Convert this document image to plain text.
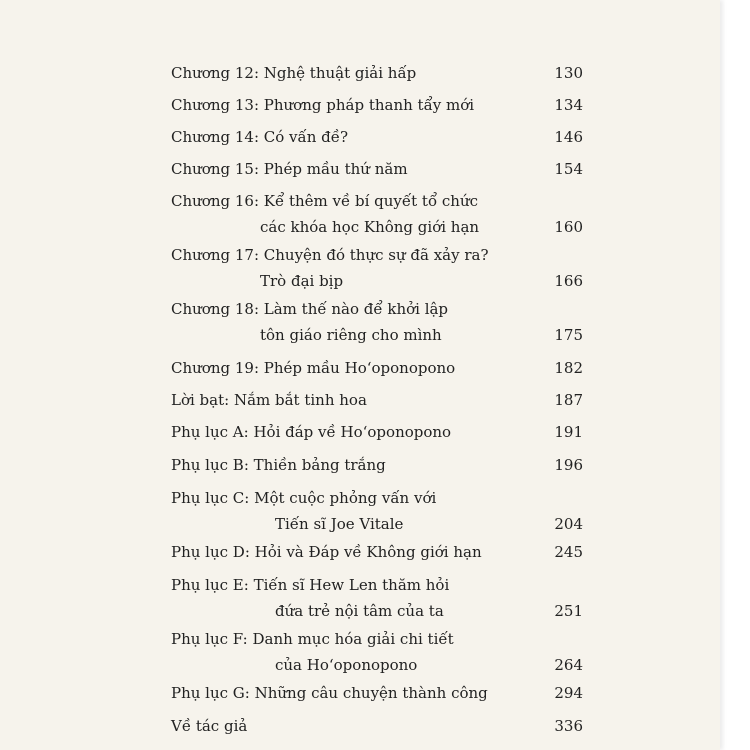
Chương 12: Nghệ thuật giải hấp	130
Chương 13: Phương pháp thanh tẩy mới	134
Chương 14: Có vấn đề?	146
Chương 15: Phép mầu thứ năm	154
Chương 16: Kể thêm về bí quyết tổ chức
các khóa học Không giới hạn	160
Chương 17: Chuyện đó thực sự đã xảy ra?
Trò đại bịp	166
Chương 18: Làm thế nào để khởi lập
tôn giáo riêng cho mình	175
Chương 19: Phép mầu Hoʻoponopono	182
Lời bạt: Nắm bắt tinh hoa	187
Phụ lục A: Hỏi đáp về Hoʻoponopono	191
Phụ lục B: Thiền bảng trắng	196
Phụ lục C: Một cuộc phỏng vấn với
Tiến sĩ Joe Vitale	204
Phụ lục D: Hỏi và Đáp về Không giới hạn	245
Phụ lục E: Tiến sĩ Hew Len thăm hỏi
đứa trẻ nội tâm của ta	251
Phụ lục F: Danh mục hóa giải chi tiết
của Hoʻoponopono	264
Phụ lục G: Những câu chuyện thành công	294
Về tác giả	336
